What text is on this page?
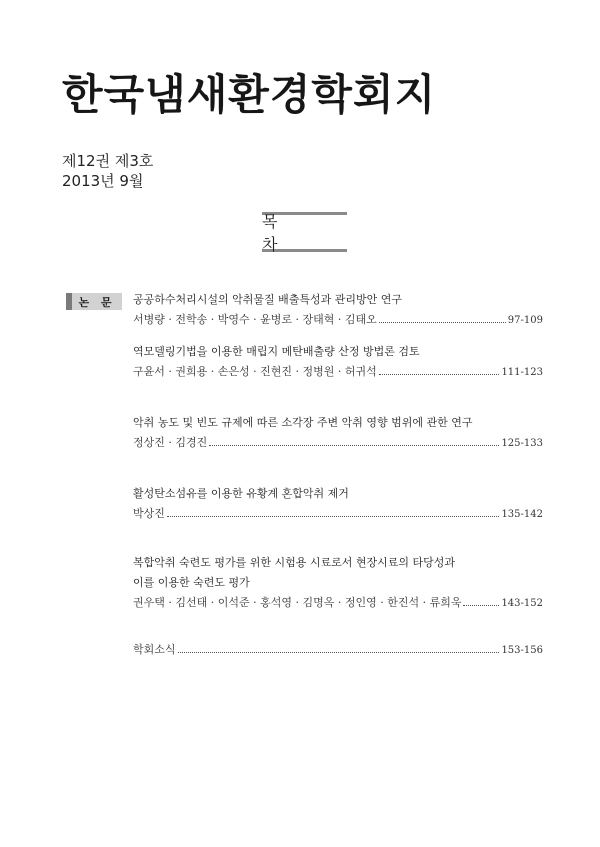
한국냄새환경학회지
제12권 제3호
2013년 9월
목 차
논 문	공공하수처리시설의 악취물질 배출특성과 관리방안 연구
서병량 · 전학송 · 박영수 · 윤병로 · 장태혁 · 김태오	97-109
역모델링기법을 이용한 매립지 메탄배출량 산정 방법론 검토
구윤서 · 권희용 · 손은성 · 진현진 · 정병원 · 허귀석	111-123
악취 농도 및 빈도 규제에 따른 소각장 주변 악취 영향 범위에 관한 연구
정상진 · 김경진	125-133
활성탄소섬유를 이용한 유황계 혼합악취 제거
박상진	135-142
복합악취 숙련도 평가를 위한 시험용 시료로서 현장시료의 타당성과
이를 이용한 숙련도 평가
권우택 · 김선태 · 이석준 · 홍석영 · 김명옥 · 정인영 · 한진석 · 류희욱	143-152
학회소식	153-156
